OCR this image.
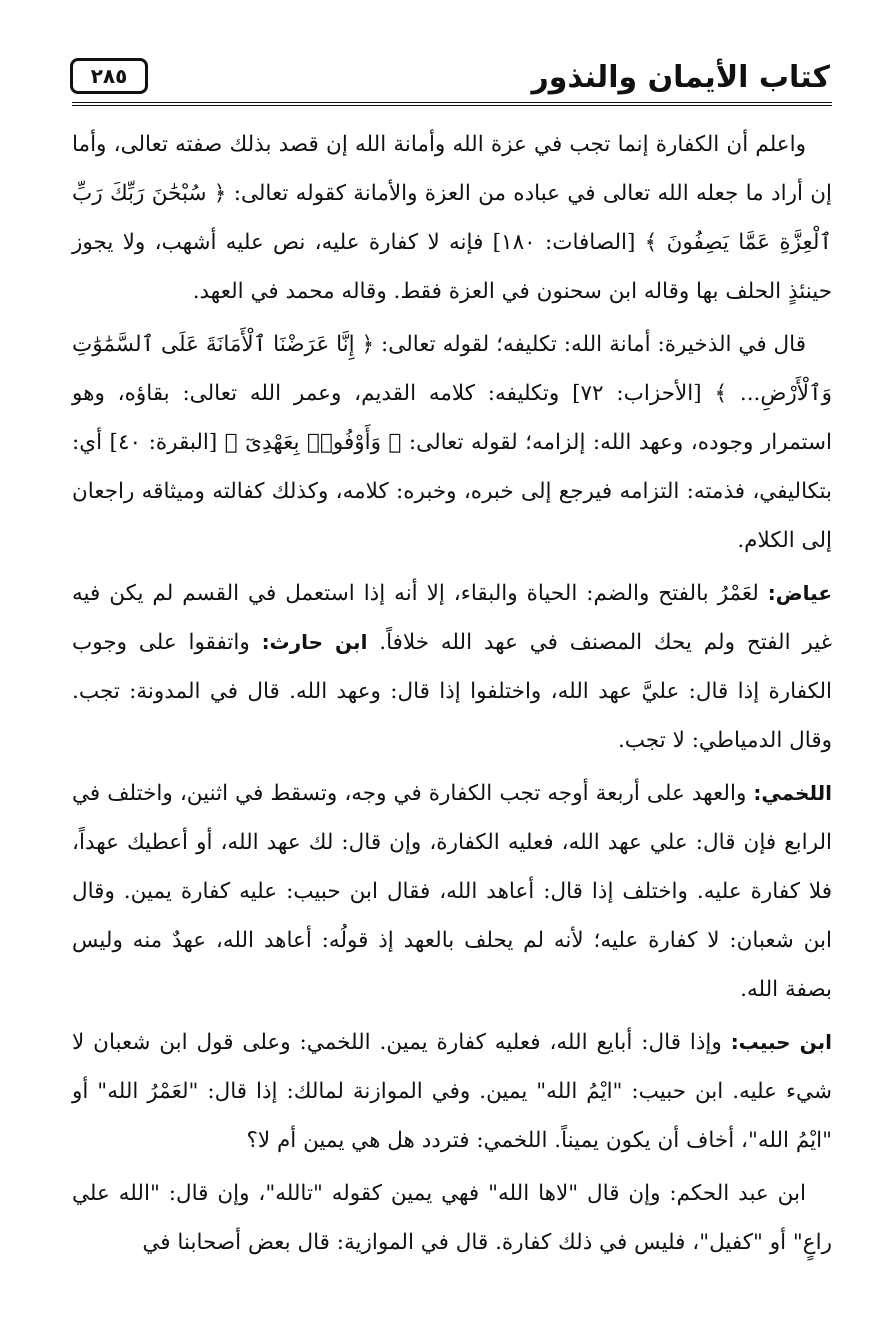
كتاب الأيمان والنذور
٢٨٥

واعلم أن الكفارة إنما تجب في عزة الله وأمانة الله إن قصد بذلك صفته تعالى، وأما إن أراد ما جعله الله تعالى في عباده من العزة والأمانة كقوله تعالى: ﴿ سُبْحَٰنَ رَبِّكَ رَبِّ ٱلْعِزَّةِ عَمَّا يَصِفُونَ ﴾ [الصافات: ١٨٠] فإنه لا كفارة عليه، نص عليه أشهب، ولا يجوز حينئذٍ الحلف بها وقاله ابن سحنون في العزة فقط. وقاله محمد في العهد.

قال في الذخيرة: أمانة الله: تكليفه؛ لقوله تعالى: ﴿ إِنَّا عَرَضْنَا ٱلْأَمَانَةَ عَلَى ٱلسَّمَٰوَٰتِ وَٱلْأَرْضِ... ﴾ [الأحزاب: ٧٢] وتكليفه: كلامه القديم، وعمر الله تعالى: بقاؤه، وهو استمرار وجوده، وعهد الله: إلزامه؛ لقوله تعالى: ﴿ وَأَوْفُوا۟ بِعَهْدِىٓ ﴾ [البقرة: ٤٠] أي: بتكاليفي، فذمته: التزامه فيرجع إلى خبره، وخبره: كلامه، وكذلك كفالته وميثاقه راجعان إلى الكلام.

عياض: لعَمْرُ بالفتح والضم: الحياة والبقاء، إلا أنه إذا استعمل في القسم لم يكن فيه غير الفتح ولم يحك المصنف في عهد الله خلافاً. ابن حارث: واتفقوا على وجوب الكفارة إذا قال: عليَّ عهد الله، واختلفوا إذا قال: وعهد الله. قال في المدونة: تجب. وقال الدمياطي: لا تجب.

اللخمي: والعهد على أربعة أوجه تجب الكفارة في وجه، وتسقط في اثنين، واختلف في الرابع فإن قال: علي عهد الله، فعليه الكفارة، وإن قال: لك عهد الله، أو أعطيك عهداً، فلا كفارة عليه. واختلف إذا قال: أعاهد الله، فقال ابن حبيب: عليه كفارة يمين. وقال ابن شعبان: لا كفارة عليه؛ لأنه لم يحلف بالعهد إذ قولُه: أعاهد الله، عهدٌ منه وليس بصفة الله.

ابن حبيب: وإذا قال: أبايع الله، فعليه كفارة يمين. اللخمي: وعلى قول ابن شعبان لا شيء عليه. ابن حبيب: "ايْمُ الله" يمين. وفي الموازنة لمالك: إذا قال: "لعَمْرُ الله" أو "ايْمُ الله"، أخاف أن يكون يميناً. اللخمي: فتردد هل هي يمين أم لا؟

ابن عبد الحكم: وإن قال "لاها الله" فهي يمين كقوله "تالله"، وإن قال: "الله علي راعٍ" أو "كفيل"، فليس في ذلك كفارة. قال في الموازية: قال بعض أصحابنا في
